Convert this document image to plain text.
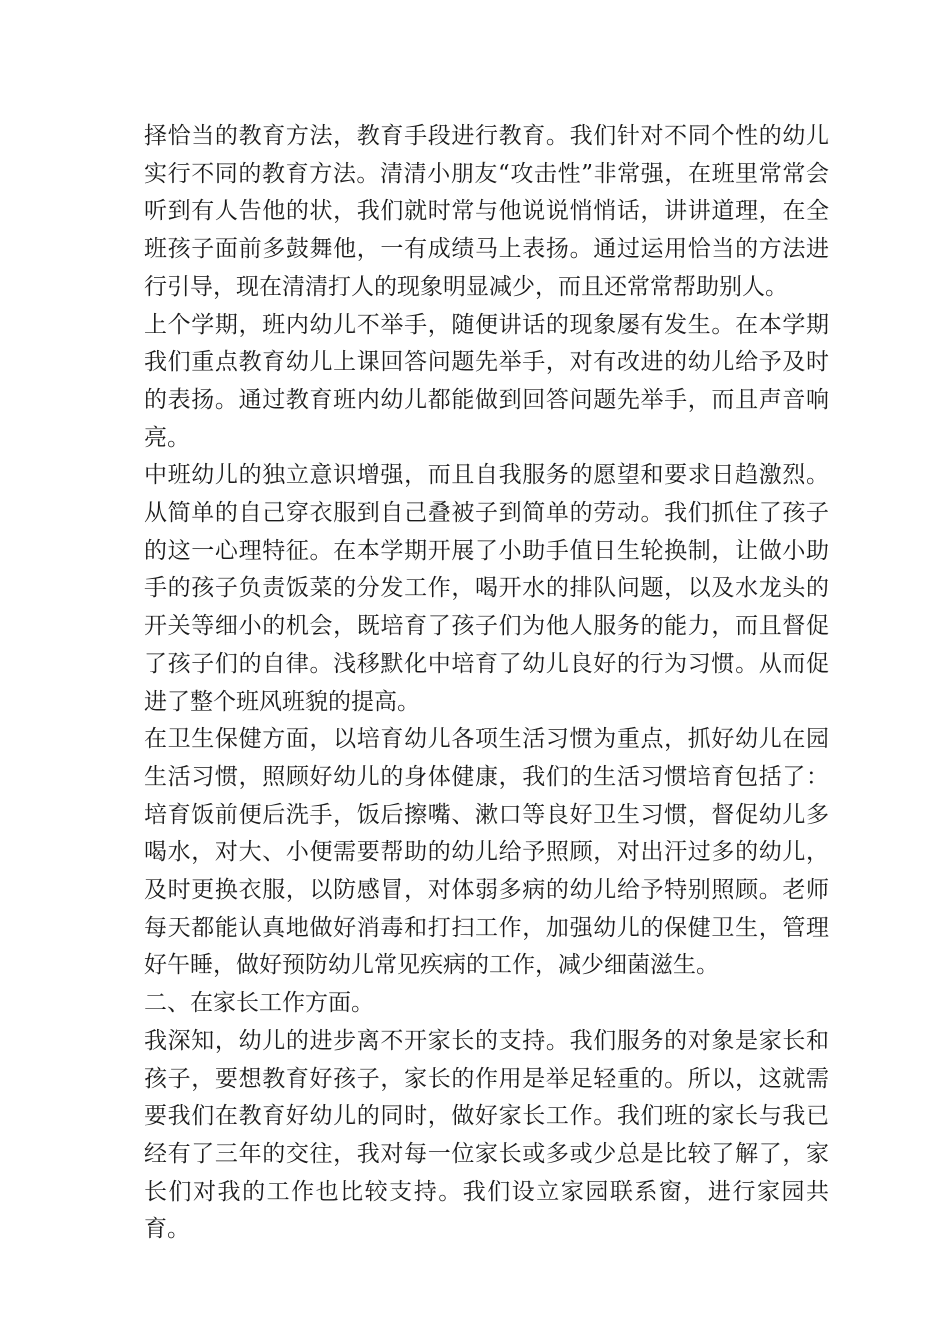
择恰当的教育方法，教育手段进行教育。我们针对不同个性的幼儿实行不同的教育方法。清清小朋友“攻击性”非常强，在班里常常会听到有人告他的状，我们就时常与他说说悄悄话，讲讲道理，在全班孩子面前多鼓舞他，一有成绩马上表扬。通过运用恰当的方法进行引导，现在清清打人的现象明显减少，而且还常常帮助别人。

上个学期，班内幼儿不举手，随便讲话的现象屡有发生。在本学期我们重点教育幼儿上课回答问题先举手，对有改进的幼儿给予及时的表扬。通过教育班内幼儿都能做到回答问题先举手，而且声音响亮。

中班幼儿的独立意识增强，而且自我服务的愿望和要求日趋激烈。从简单的自己穿衣服到自己叠被子到简单的劳动。我们抓住了孩子的这一心理特征。在本学期开展了小助手值日生轮换制，让做小助手的孩子负责饭菜的分发工作，喝开水的排队问题，以及水龙头的开关等细小的机会，既培育了孩子们为他人服务的能力，而且督促了孩子们的自律。浅移默化中培育了幼儿良好的行为习惯。从而促进了整个班风班貌的提高。

在卫生保健方面，以培育幼儿各项生活习惯为重点，抓好幼儿在园生活习惯，照顾好幼儿的身体健康，我们的生活习惯培育包括了：培育饭前便后洗手，饭后擦嘴、漱口等良好卫生习惯，督促幼儿多喝水，对大、小便需要帮助的幼儿给予照顾，对出汗过多的幼儿，及时更换衣服，以防感冒，对体弱多病的幼儿给予特别照顾。老师每天都能认真地做好消毒和打扫工作，加强幼儿的保健卫生，管理好午睡，做好预防幼儿常见疾病的工作，减少细菌滋生。

二、在家长工作方面。

我深知，幼儿的进步离不开家长的支持。我们服务的对象是家长和孩子，要想教育好孩子，家长的作用是举足轻重的。所以，这就需要我们在教育好幼儿的同时，做好家长工作。我们班的家长与我已经有了三年的交往，我对每一位家长或多或少总是比较了解了，家长们对我的工作也比较支持。我们设立家园联系窗，进行家园共育。
